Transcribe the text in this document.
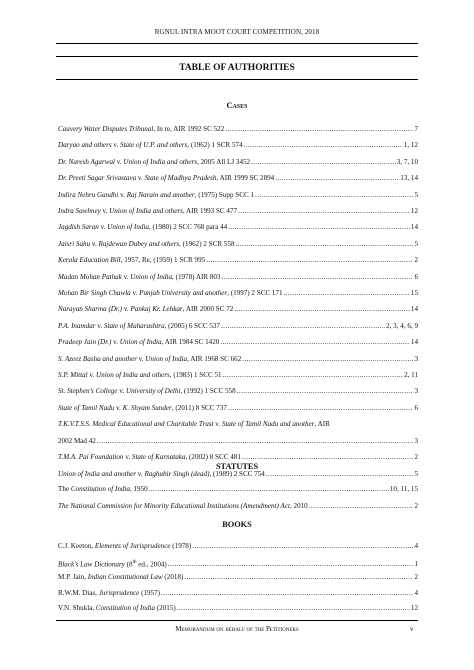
RGNUL INTRA MOOT COURT COMPETITION, 2018
TABLE OF AUTHORITIES
Cases
Cauvery Water Disputes Tribunal, In re, AIR 1992 SC 522 .....	7
Daryao and others v. State of U.P. and others, (1962) 1 SCR 574 .....	1, 12
Dr. Naresh Agarwal v. Union of India and others, 2005 All LJ 3452 .....	3, 7, 10
Dr. Preeti Sagar Srivastava v. State of Madhya Pradesh, AIR 1999 SC 2894 .....	13, 14
Indira Nehru Gandhi v. Raj Narain and another, (1975) Supp SCC 1 .....	5
Indra Sawhney v. Union of India and others, AIR 1993 SC 477 .....	12
Jagdish Saran v. Union of India, (1980) 2 SCC 768 para 44 .....	14
Jaisri Sahu v. Rajdewan Dubey and others, (1962) 2 SCR 558 .....	5
Kerala Education Bill, 1957, Re, (1959) 1 SCR 995 .....	2
Madan Mohan Pathak v. Union of India, (1978) AIR 803 .....	6
Mohan Bir Singh Chawla v. Punjab University and another, (1997) 2 SCC 171 .....	15
Narayan Sharma (Dr.) v. Pankaj Kr. Lehkar, AIR 2000 SC 72 .....	14
P.A. Inamdar v. State of Maharashtra, (2005) 6 SCC 537 .....	2, 3, 4, 6, 9
Pradeep Jain (Dr.) v. Union of India, AIR 1984 SC 1420 .....	14
S. Azeez Basha and another v. Union of India, AIR 1968 SC 662 .....	3
S.P. Mittal v. Union of India and others, (1983) 1 SCC 51 .....	2, 11
St. Stephen’s College v. University of Delhi, (1992) 1 SCC 558 .....	3
State of Tamil Nadu v. K. Shyam Sunder, (2011) 8 SCC 737 .....	6
T.K.V.T.S.S. Medical Educational and Charitable Trust v. State of Tamil Nadu and another, AIR
2002 Mad 42 .....	3
T.M.A. Pai Foundation v. State of Karnataka, (2002) 8 SCC 481 .....	2
Union of India and another v. Raghubir Singh (dead), (1989) 2 SCC 754 .....	5
STATUTES
The Constitution of India, 1950 .....	10, 11, 15
The National Commission for Minority Educational Institutions (Amendment) Act, 2010 .....	2
BOOKS
C.J. Keeton, Elements of Jurisprudence (1978) .....	4
Black’s Law Dictionary (8th ed., 2004) .....	1
M.P. Jain, Indian Constitutional Law (2018) .....	2
R.W.M. Dias, Jurisprudence (1957) .....	4
V.N. Shukla, Constitution of India (2015) .....	12
Memorandum on behalf of the Petitioners	v
